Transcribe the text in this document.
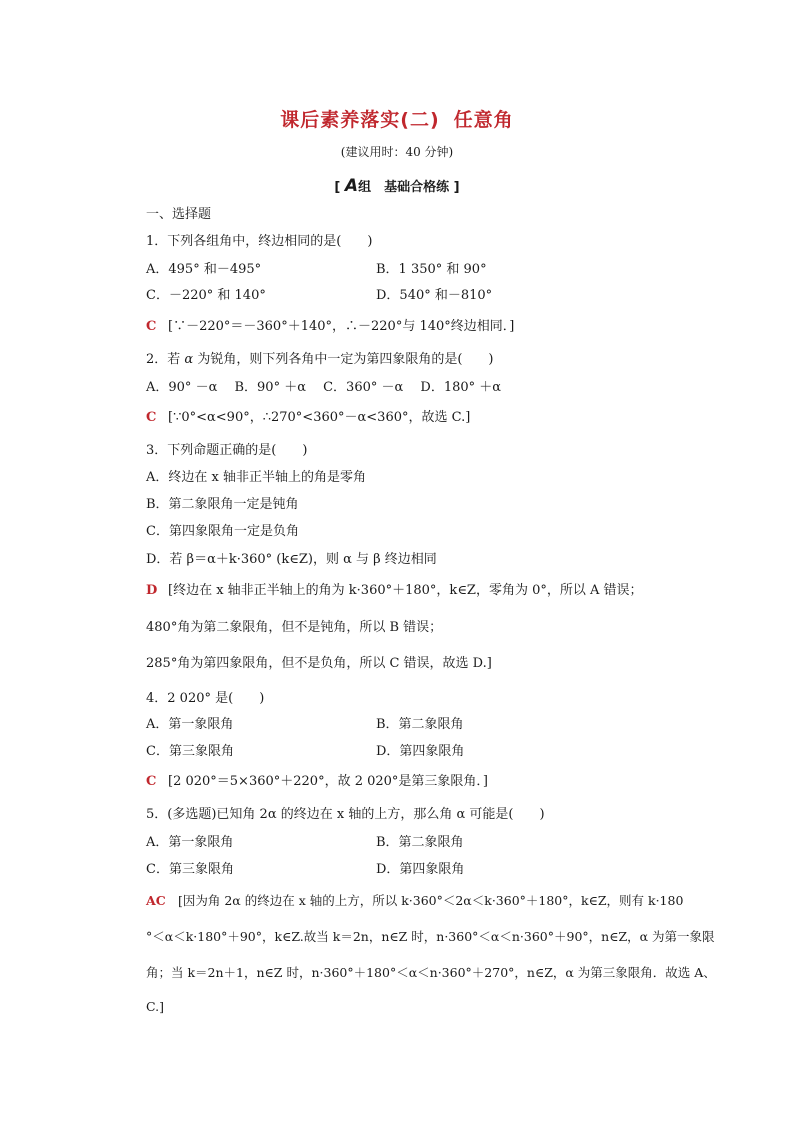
课后素养落实(二) 任意角
(建议用时：40 分钟)
[ A组　基础合格练 ]
一、选择题
1．下列各组角中，终边相同的是(　　)
A．495° 和－495°	B．1 350° 和 90°
C．－220° 和 140°	D．540° 和－810°
C [∵－220°＝－360°＋140°，∴－220°与 140°终边相同．]
2．若 α 为锐角，则下列各角中一定为第四象限角的是(　　)
A．90° －α　 B．90° ＋α　 C．360° －α　 D．180° ＋α
C [∵0°<α<90°，∴270°<360°－α<360°，故选 C.]
3．下列命题正确的是(　　)
A．终边在 x 轴非正半轴上的角是零角
B．第二象限角一定是钝角
C．第四象限角一定是负角
D．若 β＝α＋k·360° (k∈Z)，则 α 与 β 终边相同
D [终边在 x 轴非正半轴上的角为 k·360°＋180°，k∈Z，零角为 0°，所以 A 错误；
480°角为第二象限角，但不是钝角，所以 B 错误；
285°角为第四象限角，但不是负角，所以 C 错误，故选 D.]
4．2 020° 是(　　)
A．第一象限角	B．第二象限角
C．第三象限角	D．第四象限角
C [2 020°＝5×360°＋220°，故 2 020°是第三象限角．]
5．(多选题)已知角 2α 的终边在 x 轴的上方，那么角 α 可能是(　　)
A．第一象限角	B．第二象限角
C．第三象限角	D．第四象限角
AC [因为角 2α 的终边在 x 轴的上方，所以 k·360°＜2α＜k·360°＋180°，k∈Z，则有 k·180
°＜α＜k·180°＋90°，k∈Z.故当 k＝2n，n∈Z 时，n·360°＜α＜n·360°＋90°，n∈Z，α 为第一象限
角；当 k＝2n＋1，n∈Z 时，n·360°＋180°＜α＜n·360°＋270°，n∈Z，α 为第三象限角．故选 A、
C.]
